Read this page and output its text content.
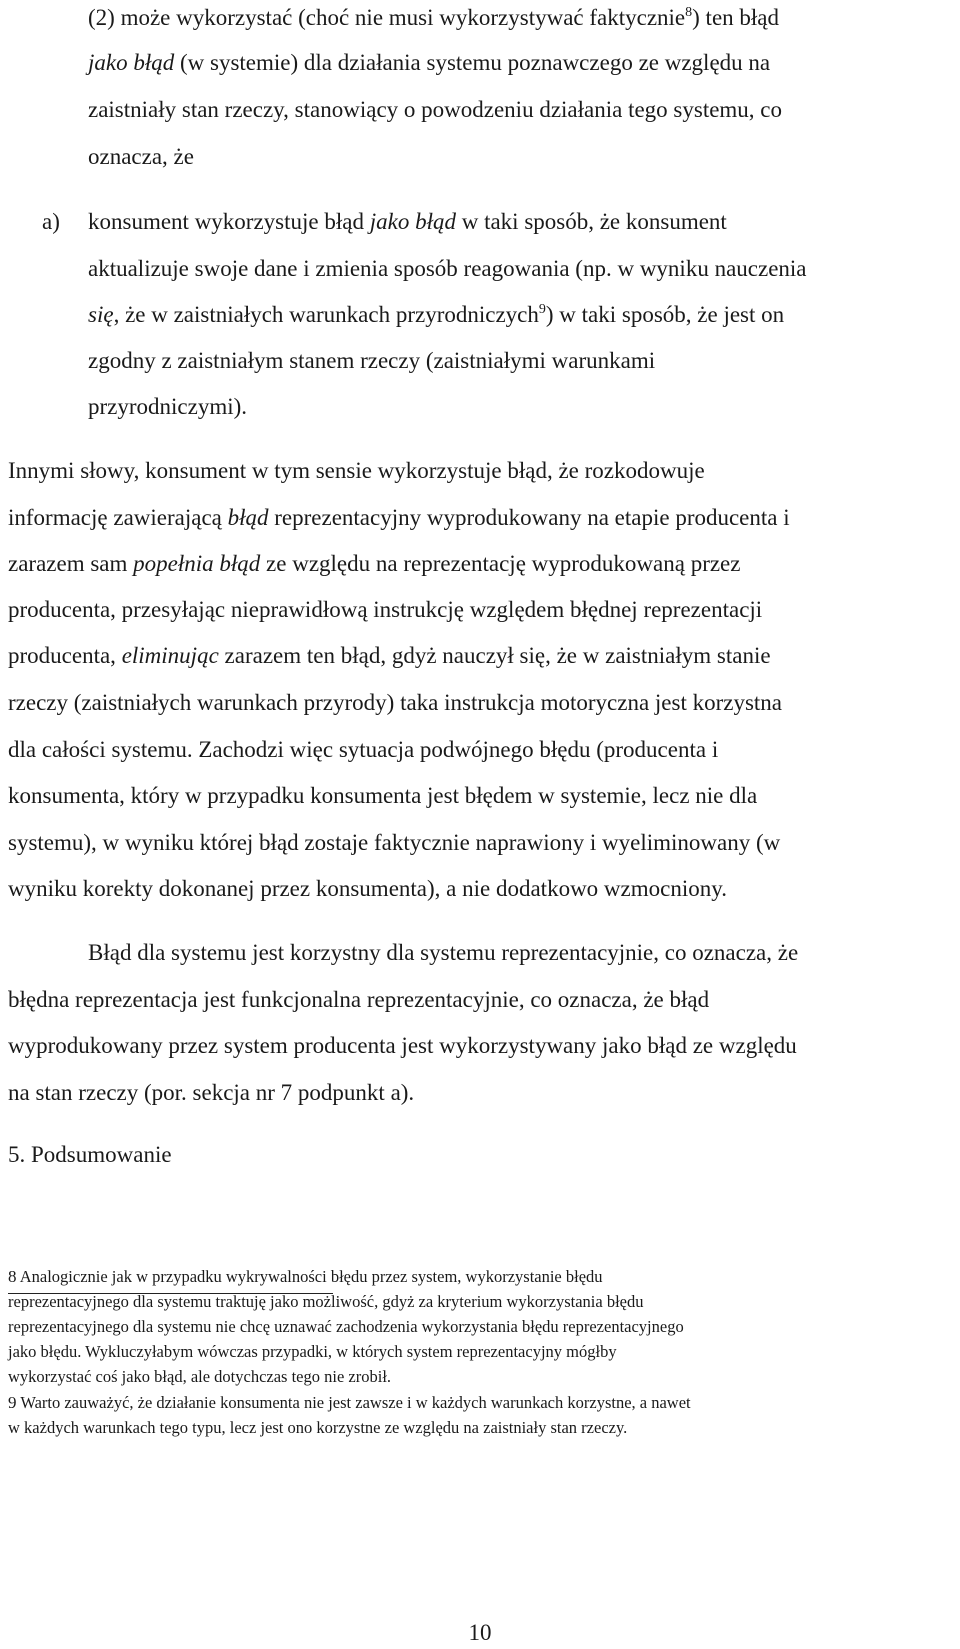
(2) może wykorzystać (choć nie musi wykorzystywać faktycznie$^8$) ten błąd
jako błąd (w systemie) dla działania systemu poznawczego ze względu na
zaistniały stan rzeczy, stanowiący o powodzeniu działania tego systemu, co
oznacza, że
a) konsument wykorzystuje błąd jako błąd w taki sposób, że konsument
aktualizuje swoje dane i zmienia sposób reagowania (np. w wyniku nauczenia
się, że w zaistniałych warunkach przyrodniczych$^9$) w taki sposób, że jest on
zgodny z zaistniałym stanem rzeczy (zaistniałymi warunkami
przyrodniczymi).
Innymi słowy, konsument w tym sensie wykorzystuje błąd, że rozkodowuje
informację zawierającą błąd reprezentacyjny wyprodukowany na etapie producenta i
zarazem sam popełnia błąd ze względu na reprezentację wyprodukowaną przez
producenta, przesyłając nieprawidłową instrukcję względem błędnej reprezentacji
producenta, eliminując zarazem ten błąd, gdyż nauczył się, że w zaistniałym stanie
rzeczy (zaistniałych warunkach przyrody) taka instrukcja motoryczna jest korzystna
dla całości systemu. Zachodzi więc sytuacja podwójnego błędu (producenta i
konsumenta, który w przypadku konsumenta jest błędem w systemie, lecz nie dla
systemu), w wyniku której błąd zostaje faktycznie naprawiony i wyeliminowany (w
wyniku korekty dokonanej przez konsumenta), a nie dodatkowo wzmocniony.
Błąd dla systemu jest korzystny dla systemu reprezentacyjnie, co oznacza, że
błędna reprezentacja jest funkcjonalna reprezentacyjnie, co oznacza, że błąd
wyprodukowany przez system producenta jest wykorzystywany jako błąd ze względu
na stan rzeczy (por. sekcja nr 7 podpunkt a).
5. Podsumowanie
8 Analogicznie jak w przypadku wykrywalności błędu przez system, wykorzystanie błędu
reprezentacyjnego dla systemu traktuję jako możliwość, gdyż za kryterium wykorzystania błędu
reprezentacyjnego dla systemu nie chcę uznawać zachodzenia wykorzystania błędu reprezentacyjnego
jako błędu. Wykluczyłabym wówczas przypadki, w których system reprezentacyjny mógłby
wykorzystać coś jako błąd, ale dotychczas tego nie zrobił.
9 Warto zauważyć, że działanie konsumenta nie jest zawsze i w każdych warunkach korzystne, a nawet
w każdych warunkach tego typu, lecz jest ono korzystne ze względu na zaistniały stan rzeczy.
10
